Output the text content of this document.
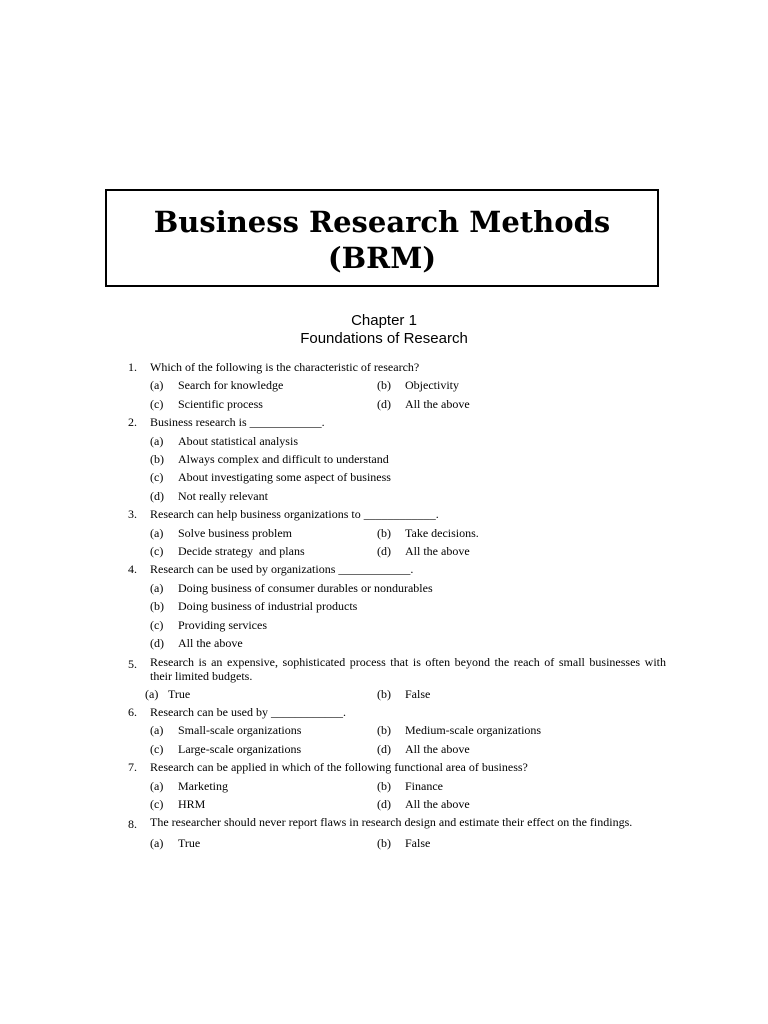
Business Research Methods
(BRM)
Chapter 1
Foundations of Research
1.	Which of the following is the characteristic of research?
(a)	Search for knowledge	(b)	Objectivity
(c)	Scientific process	(d)	All the above
2.	Business research is ____________.
(a)	About statistical analysis
(b)	Always complex and difficult to understand
(c)	About investigating some aspect of business
(d)	Not really relevant
3.	Research can help business organizations to ____________.
(a)	Solve business problem	(b)	Take decisions.
(c)	Decide strategy  and plans	(d)	All the above
4.	Research can be used by organizations ____________.
(a)	Doing business of consumer durables or nondurables
(b)	Doing business of industrial products
(c)	Providing services
(d)	All the above
5.	Research is an expensive, sophisticated process that is often beyond the reach of small businesses with their limited budgets.
(a) True	(b)	False
6.	Research can be used by ____________.
(a)	Small-scale organizations	(b)	Medium-scale organizations
(c)	Large-scale organizations	(d)	All the above
7.	Research can be applied in which of the following functional area of business?
(a)	Marketing	(b)	Finance
(c)	HRM	(d)	All the above
8.	The researcher should never report flaws in research design and estimate their effect on the findings.
(a)	True	(b)	False
